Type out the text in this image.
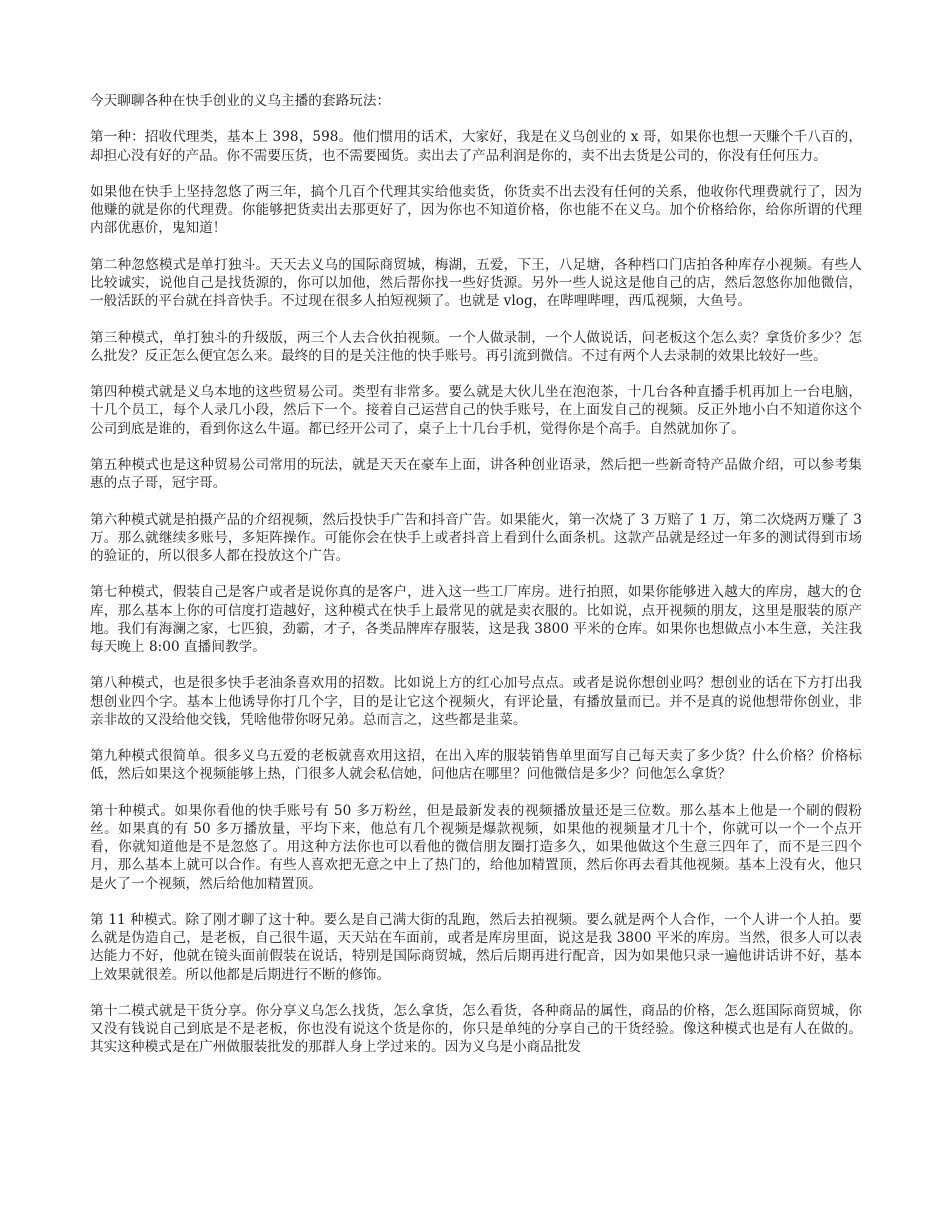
今天聊聊各种在快手创业的义乌主播的套路玩法：

第一种：招收代理类，基本上 398，598。他们惯用的话术，大家好，我是在义乌创业的 x 哥，如果你也想一天赚个千八百的，却担心没有好的产品。你不需要压货，也不需要囤货。卖出去了产品利润是你的，卖不出去货是公司的，你没有任何压力。

如果他在快手上坚持忽悠了两三年，搞个几百个代理其实给他卖货，你货卖不出去没有任何的关系，他收你代理费就行了，因为他赚的就是你的代理费。你能够把货卖出去那更好了，因为你也不知道价格，你也能不在义乌。加个价格给你，给你所谓的代理内部优惠价，鬼知道！

第二种忽悠模式是单打独斗。天天去义乌的国际商贸城，梅湖，五爱，下王，八足塘，各种档口门店拍各种库存小视频。有些人比较诚实，说他自己是找货源的，你可以加他，然后帮你找一些好货源。另外一些人说这是他自己的店，然后忽悠你加他微信，一般活跃的平台就在抖音快手。不过现在很多人拍短视频了。也就是 vlog，在哔哩哔哩，西瓜视频，大鱼号。

第三种模式，单打独斗的升级版，两三个人去合伙拍视频。一个人做录制，一个人做说话，问老板这个怎么卖？拿货价多少？怎么批发？反正怎么便宜怎么来。最终的目的是关注他的快手账号。再引流到微信。不过有两个人去录制的效果比较好一些。

第四种模式就是义乌本地的这些贸易公司。类型有非常多。要么就是大伙儿坐在泡泡茶，十几台各种直播手机再加上一台电脑，十几个员工，每个人录几小段，然后下一个。接着自己运营自己的快手账号，在上面发自己的视频。反正外地小白不知道你这个公司到底是谁的，看到你这么牛逼。都已经开公司了，桌子上十几台手机，觉得你是个高手。自然就加你了。

第五种模式也是这种贸易公司常用的玩法，就是天天在豪车上面，讲各种创业语录，然后把一些新奇特产品做介绍，可以参考集惠的点子哥，冠宇哥。

第六种模式就是拍摄产品的介绍视频，然后投快手广告和抖音广告。如果能火，第一次烧了 3 万赔了 1 万，第二次烧两万赚了 3 万。那么就继续多账号，多矩阵操作。可能你会在快手上或者抖音上看到什么面条机。这款产品就是经过一年多的测试得到市场的验证的，所以很多人都在投放这个广告。

第七种模式，假装自己是客户或者是说你真的是客户，进入这一些工厂库房。进行拍照，如果你能够进入越大的库房，越大的仓库，那么基本上你的可信度打造越好，这种模式在快手上最常见的就是卖衣服的。比如说，点开视频的朋友，这里是服装的原产地。我们有海澜之家，七匹狼，劲霸，才子，各类品牌库存服装，这是我 3800 平米的仓库。如果你也想做点小本生意，关注我每天晚上 8:00 直播间教学。

第八种模式，也是很多快手老油条喜欢用的招数。比如说上方的红心加号点点。或者是说你想创业吗？想创业的话在下方打出我想创业四个字。基本上他诱导你打几个字，目的是让它这个视频火，有评论量，有播放量而已。并不是真的说他想带你创业，非亲非故的又没给他交钱，凭啥他带你呀兄弟。总而言之，这些都是韭菜。

第九种模式很简单。很多义乌五爱的老板就喜欢用这招，在出入库的服装销售单里面写自己每天卖了多少货？什么价格？价格标低，然后如果这个视频能够上热，门很多人就会私信她，问他店在哪里？问他微信是多少？问他怎么拿货？

第十种模式。如果你看他的快手账号有 50 多万粉丝，但是最新发表的视频播放量还是三位数。那么基本上他是一个刷的假粉丝。如果真的有 50 多万播放量，平均下来，他总有几个视频是爆款视频，如果他的视频量才几十个，你就可以一个一个点开看，你就知道他是不是忽悠了。用这种方法你也可以看他的微信朋友圈打造多久，如果他做这个生意三四年了，而不是三四个月，那么基本上就可以合作。有些人喜欢把无意之中上了热门的，给他加精置顶，然后你再去看其他视频。基本上没有火，他只是火了一个视频，然后给他加精置顶。

第 11 种模式。除了刚才聊了这十种。要么是自己满大街的乱跑，然后去拍视频。要么就是两个人合作，一个人讲一个人拍。要么就是伪造自己，是老板，自己很牛逼，天天站在车面前，或者是库房里面，说这是我 3800 平米的库房。当然，很多人可以表达能力不好，他就在镜头面前假装在说话，特别是国际商贸城，然后后期再进行配音，因为如果他只录一遍他讲话讲不好，基本上效果就很差。所以他都是后期进行不断的修饰。

第十二模式就是干货分享。你分享义乌怎么找货，怎么拿货，怎么看货，各种商品的属性，商品的价格，怎么逛国际商贸城，你又没有钱说自己到底是不是老板，你也没有说这个货是你的，你只是单纯的分享自己的干货经验。像这种模式也是有人在做的。其实这种模式是在广州做服装批发的那群人身上学过来的。因为义乌是小商品批发
